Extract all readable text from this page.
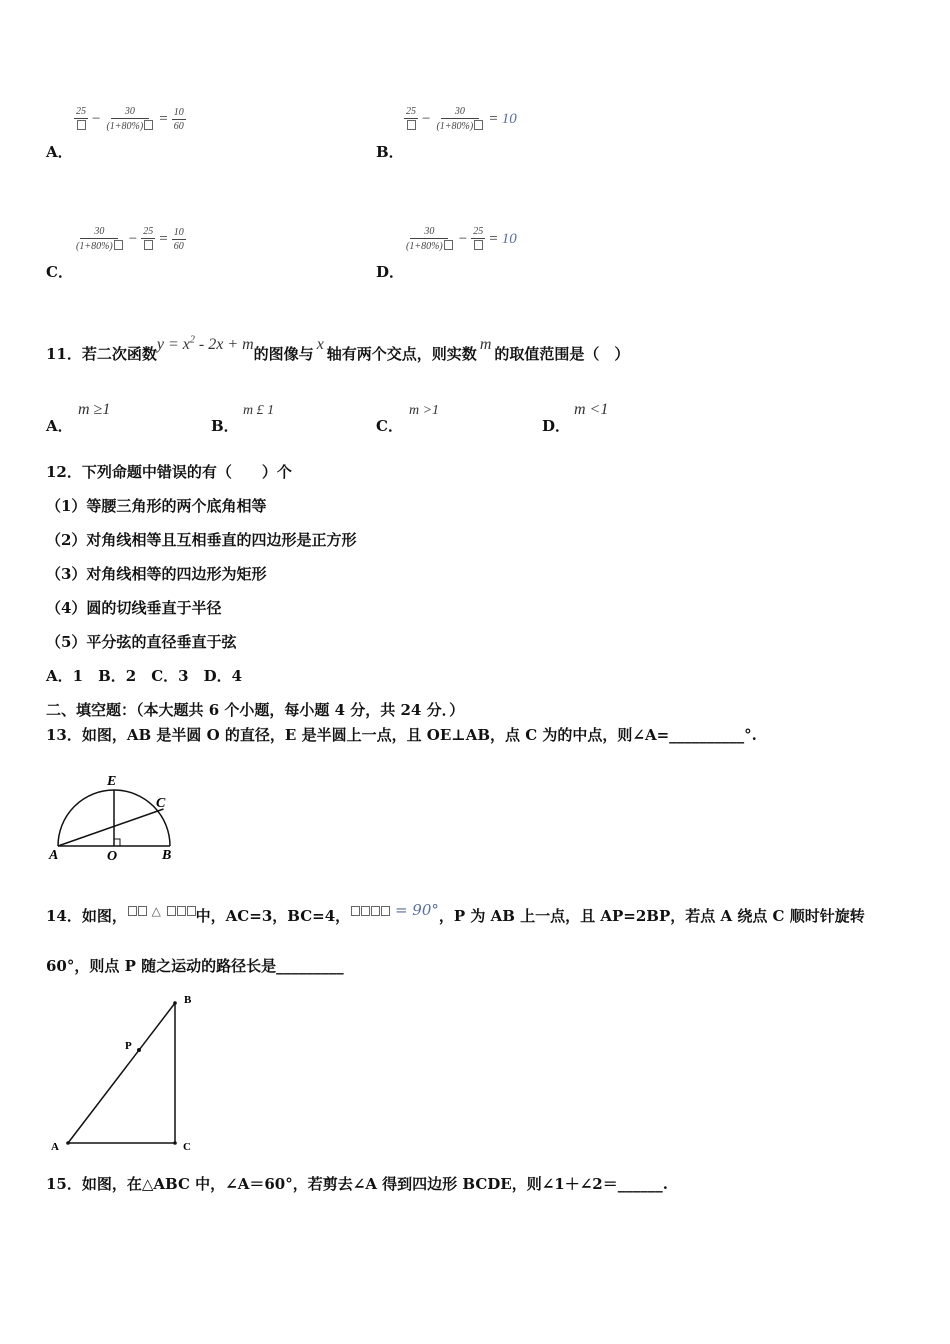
$25 - \frac{30}{(1+80\%)} = \frac{10}{60}$
A．
$25 - \frac{30}{(1+80\%)} = 10$
B．
$\frac{30}{(1+80\%)} - 25 = \frac{10}{60}$
C．
$\frac{30}{(1+80\%)} - 25 = 10$
D．
11．若二次函数$y = x^2 - 2x + m$的图像与x轴有两个交点，则实数m的取值范围是（　）
A．
m ≥1
B．
m £ 1
C．
m >1
D．
m <1
12．下列命题中错误的有（　　）个
（1）等腰三角形的两个底角相等
（2）对角线相等且互相垂直的四边形是正方形
（3）对角线相等的四边形为矩形
（4）圆的切线垂直于半径
（5）平分弦的直径垂直于弦
A．1　B．2　C．3　D．4
二、填空题：（本大题共 6 个小题，每小题 4 分，共 24 分．）
13．如图，AB 是半圆 O 的直径，E 是半圆上一点，且 OE⊥AB，点 C 为的中点，则∠A=__________°.
E
C
A	O	B
14．如图， △ 中，AC=3，BC=4，	= 90°，P 为 AB 上一点，且 AP=2BP，若点 A 绕点 C 顺时针旋转
60°，则点 P 随之运动的路径长是_________
B
P
A	C
15．如图，在△ABC 中，∠A＝60°，若剪去∠A 得到四边形 BCDE，则∠1＋∠2＝______.
